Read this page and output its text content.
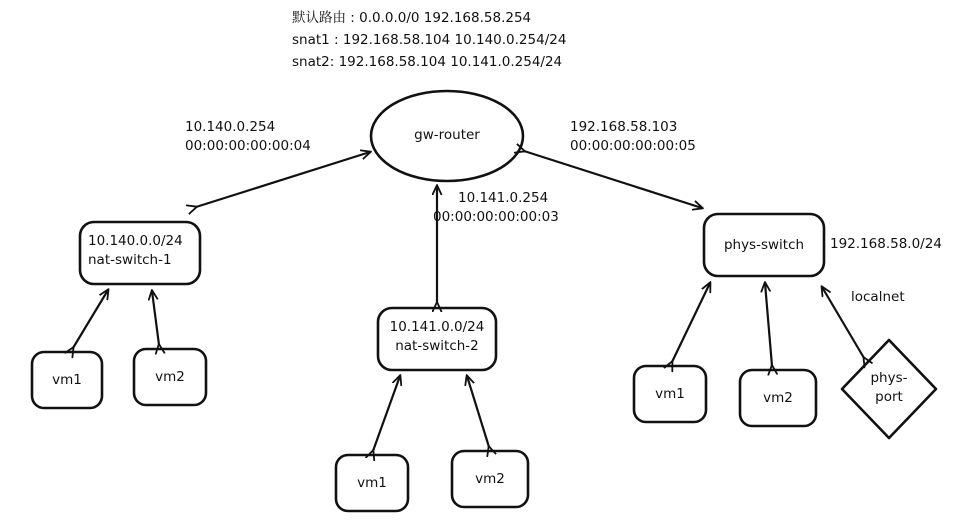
默认路由 : 0.0.0.0/0 192.168.58.254
snat1 : 192.168.58.104 10.140.0.254/24
snat2: 192.168.58.104 10.141.0.254/24
gw-router
10.140.0.0/24
nat-switch-1
10.141.0.0/24
nat-switch-2
phys-switch
phys-
port
vm1	vm2
vm1	vm2
vm1	vm2
10.140.0.254
00:00:00:00:00:04
192.168.58.103
00:00:00:00:00:05
10.141.0.254
00:00:00:00:00:03
192.168.58.0/24
localnet
